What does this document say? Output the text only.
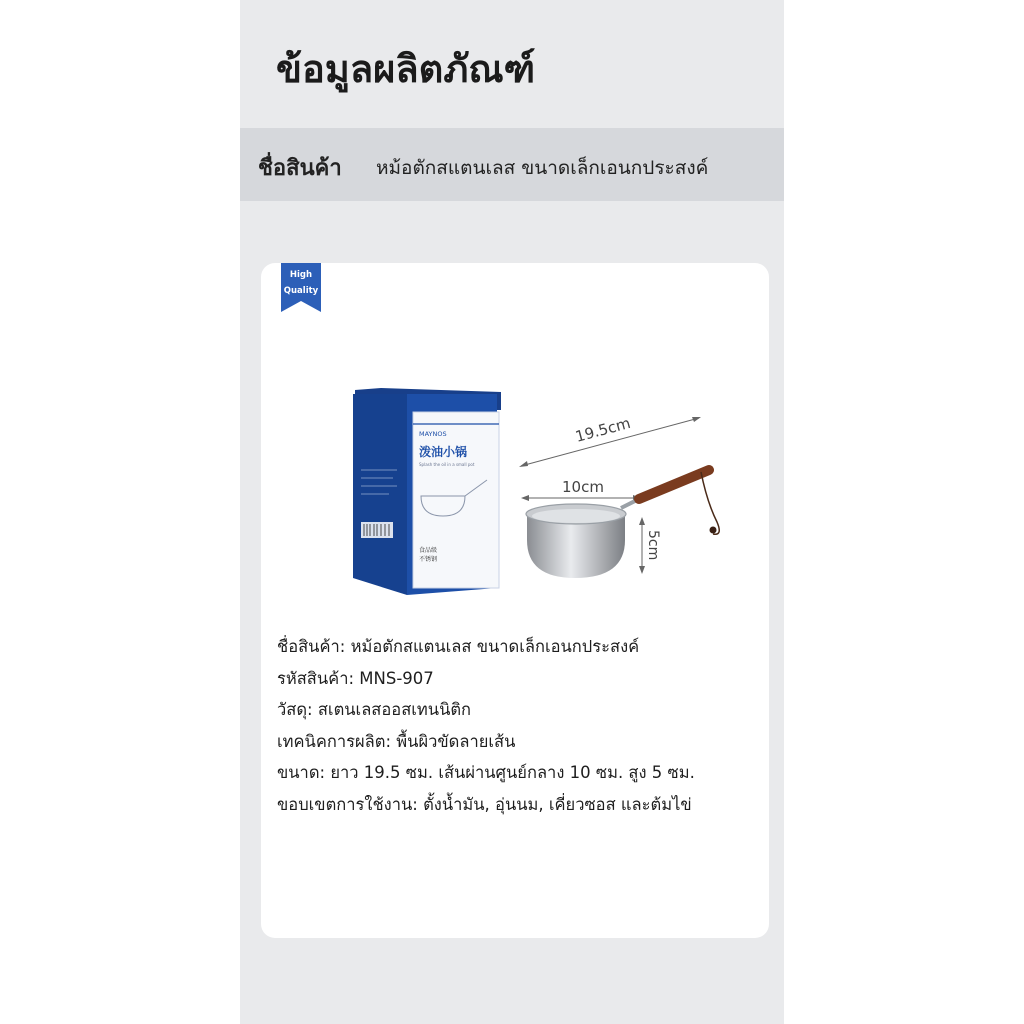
ข้อมูลผลิตภัณฑ์
ชื่อสินค้า หม้อตักสแตนเลส ขนาดเล็กเอนกประสงค์
High
Quality
MAYNOS
泼油小锅
Splash the oil in a small pot
食品级
不锈钢
19.5cm
10cm
5cm
ชื่อสินค้า: หม้อตักสแตนเลส ขนาดเล็กเอนกประสงค์
รหัสสินค้า: MNS-907
วัสดุ: สเตนเลสออสเทนนิติก
เทคนิคการผลิต: พื้นผิวขัดลายเส้น
ขนาด: ยาว 19.5 ซม. เส้นผ่านศูนย์กลาง 10 ซม. สูง 5 ซม.
ขอบเขตการใช้งาน: ตั้งน้ำมัน, อุ่นนม, เคี่ยวซอส และต้มไข่
